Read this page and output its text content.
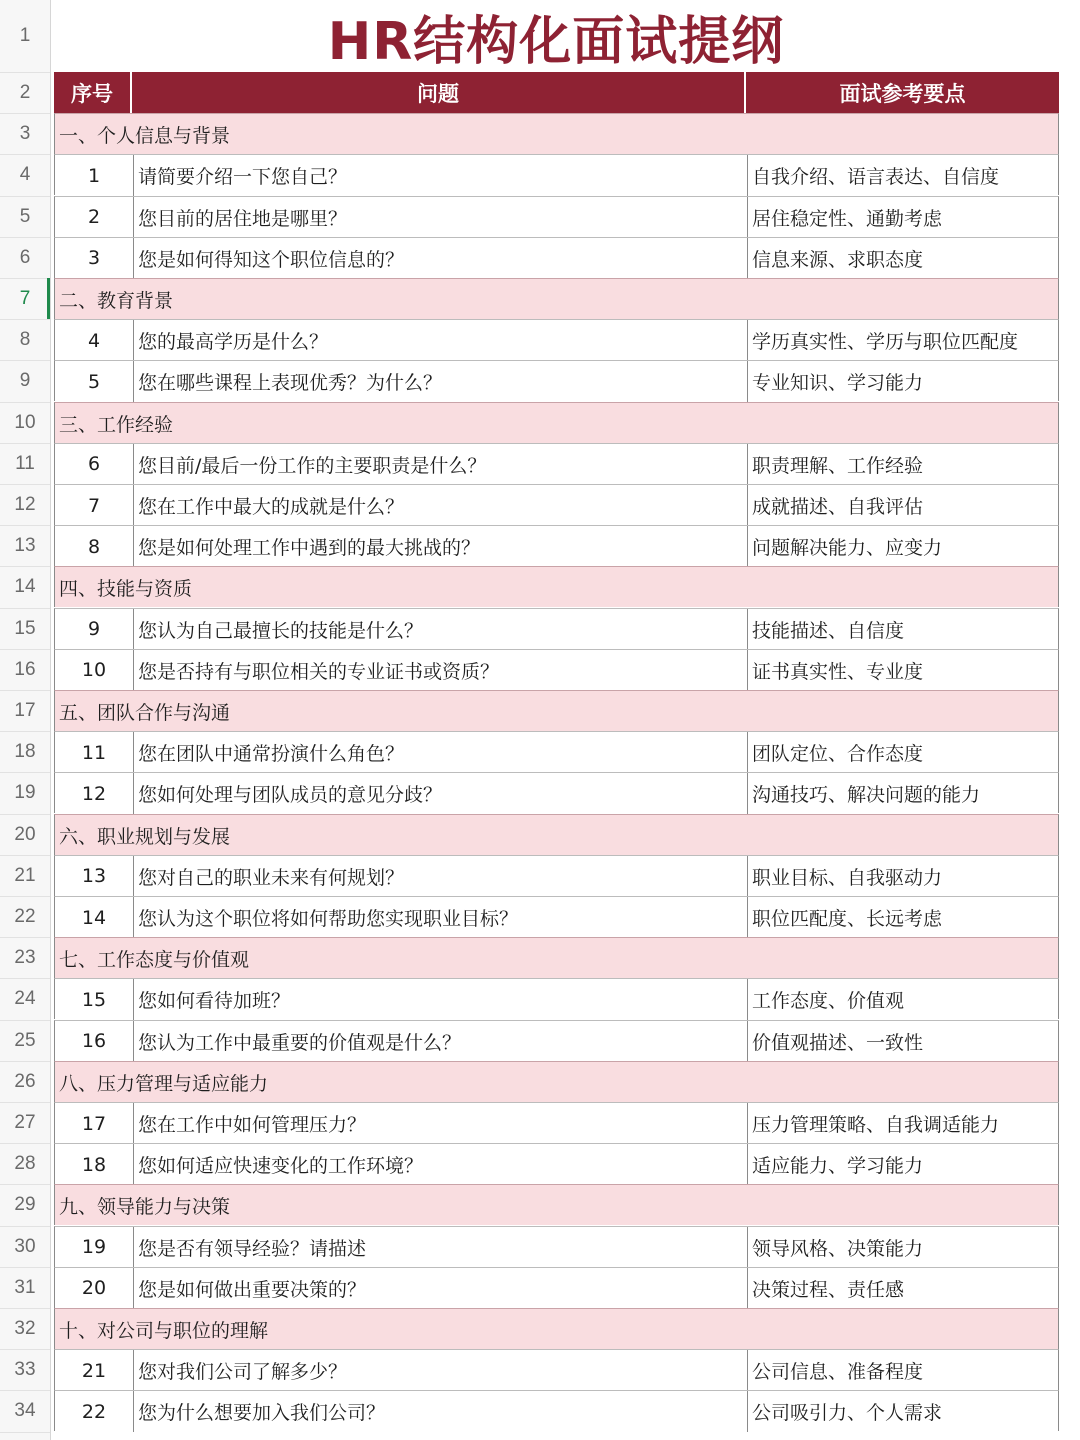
1
2
3
4
5
6
7
8
9
10
11
12
13
14
15
16
17
18
19
20
21
22
23
24
25
26
27
28
29
30
31
32
33
34
HR结构化面试提纲
序号	问题	面试参考要点
一、个人信息与背景
1	请简要介绍一下您自己？	自我介绍、语言表达、自信度
2	您目前的居住地是哪里？	居住稳定性、通勤考虑
3	您是如何得知这个职位信息的？	信息来源、求职态度
二、教育背景
4	您的最高学历是什么？	学历真实性、学历与职位匹配度
5	您在哪些课程上表现优秀？为什么？	专业知识、学习能力
三、工作经验
6	您目前/最后一份工作的主要职责是什么？	职责理解、工作经验
7	您在工作中最大的成就是什么？	成就描述、自我评估
8	您是如何处理工作中遇到的最大挑战的？	问题解决能力、应变力
四、技能与资质
9	您认为自己最擅长的技能是什么？	技能描述、自信度
10	您是否持有与职位相关的专业证书或资质？	证书真实性、专业度
五、团队合作与沟通
11	您在团队中通常扮演什么角色？	团队定位、合作态度
12	您如何处理与团队成员的意见分歧？	沟通技巧、解决问题的能力
六、职业规划与发展
13	您对自己的职业未来有何规划？	职业目标、自我驱动力
14	您认为这个职位将如何帮助您实现职业目标？	职位匹配度、长远考虑
七、工作态度与价值观
15	您如何看待加班？	工作态度、价值观
16	您认为工作中最重要的价值观是什么？	价值观描述、一致性
八、压力管理与适应能力
17	您在工作中如何管理压力？	压力管理策略、自我调适能力
18	您如何适应快速变化的工作环境？	适应能力、学习能力
九、领导能力与决策
19	您是否有领导经验？请描述	领导风格、决策能力
20	您是如何做出重要决策的？	决策过程、责任感
十、对公司与职位的理解
21	您对我们公司了解多少？	公司信息、准备程度
22	您为什么想要加入我们公司？	公司吸引力、个人需求
